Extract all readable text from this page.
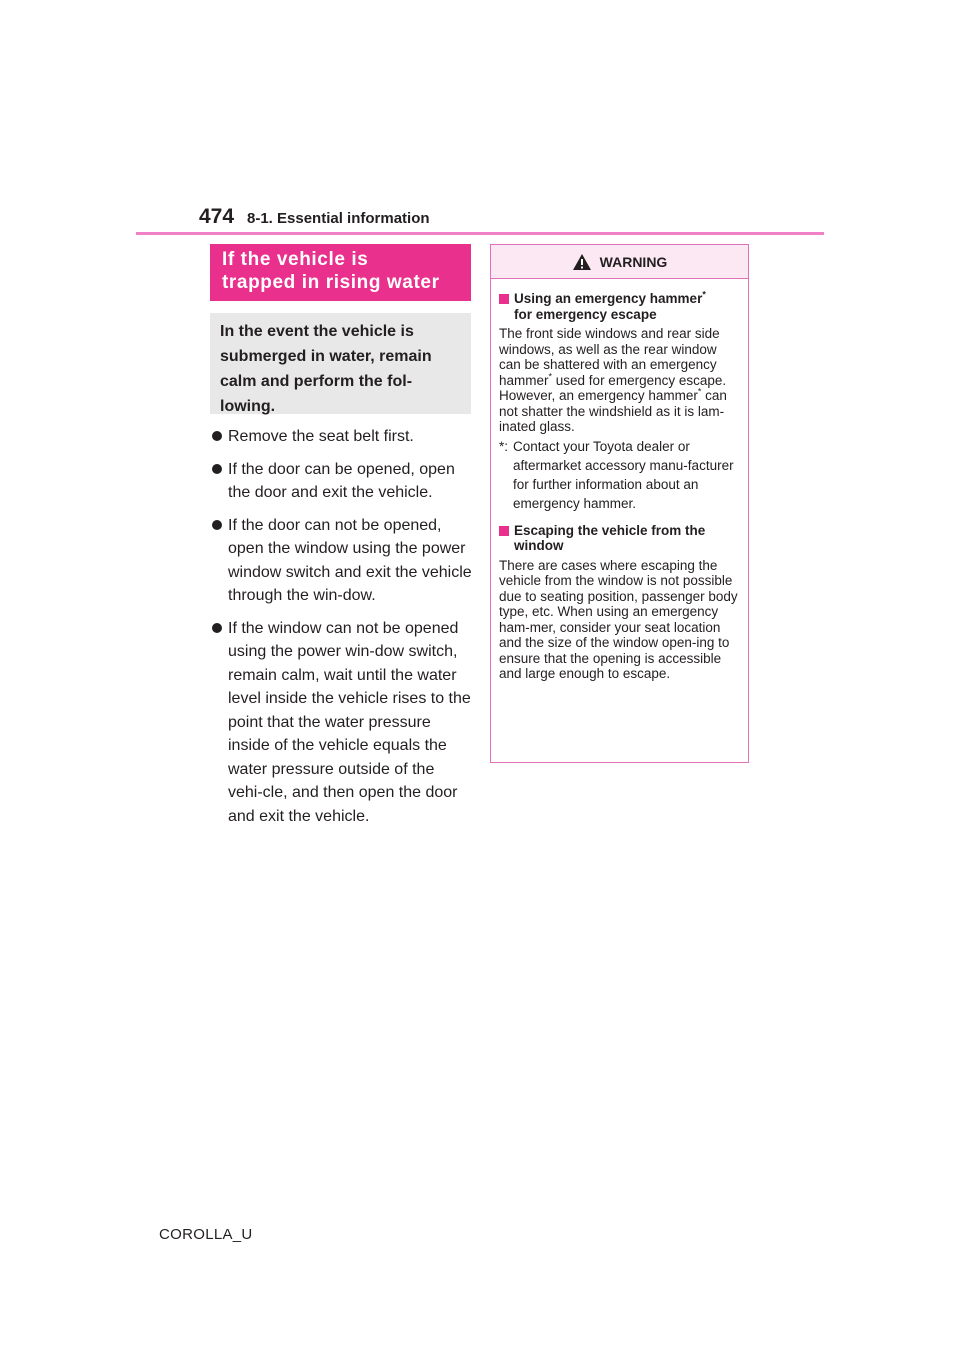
474 8-1. Essential information
If the vehicle is
trapped in rising water
In the event the vehicle is submerged in water, remain calm and perform the fol-lowing.
Remove the seat belt first.
If the door can be opened, open the door and exit the vehicle.
If the door can not be opened, open the window using the power window switch and exit the vehicle through the win-dow.
If the window can not be opened using the power win-dow switch, remain calm, wait until the water level inside the vehicle rises to the point that the water pressure inside of the vehicle equals the water pressure outside of the vehi-cle, and then open the door and exit the vehicle.
WARNING
Using an emergency hammer*
for emergency escape
The front side windows and rear side windows, as well as the rear window can be shattered with an emergency hammer* used for emergency escape. However, an emergency hammer* can not shatter the windshield as it is lam-inated glass.
*: Contact your Toyota dealer or aftermarket accessory manu-facturer for further information about an emergency hammer.
Escaping the vehicle from the window
There are cases where escaping the vehicle from the window is not possible due to seating position, passenger body type, etc. When using an emergency ham-mer, consider your seat location and the size of the window open-ing to ensure that the opening is accessible and large enough to escape.
COROLLA_U
